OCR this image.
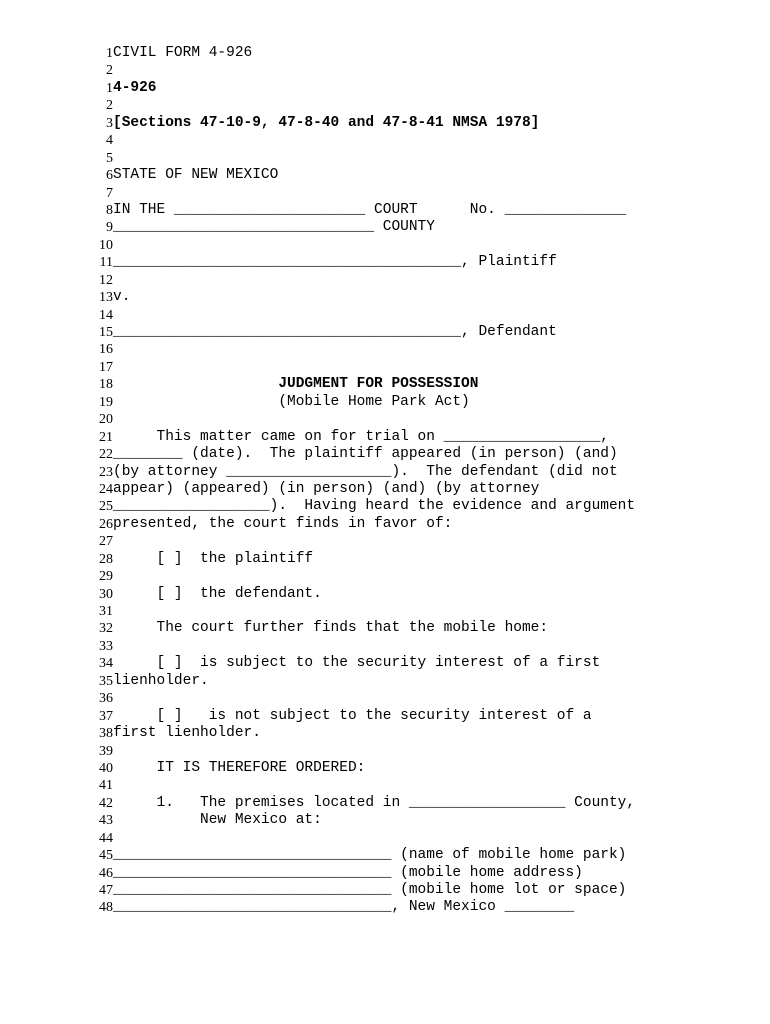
1 CIVIL FORM 4-926
2
1 4-926
2
3 [Sections 47-10-9, 47-8-40 and 47-8-41 NMSA 1978]
4
5
6 STATE OF NEW MEXICO
7
8 IN THE ______________________ COURT      No. ______________
9 ______________________________ COUNTY
10
11 ________________________________________, Plaintiff
12
13 v.
14
15 ________________________________________, Defendant
16
17
18 JUDGMENT FOR POSSESSION
19 (Mobile Home Park Act)
20
21 This matter came on for trial on __________________,
22 ________ (date).  The plaintiff appeared (in person) (and)
23 (by attorney ___________________).  The defendant (did not
24 appear) (appeared) (in person) (and) (by attorney
25 __________________).  Having heard the evidence and argument
26 presented, the court finds in favor of:
27
28 [ ]  the plaintiff
29
30 [ ]  the defendant.
31
32 The court further finds that the mobile home:
33
34 [ ]  is subject to the security interest of a first
35 lienholder.
36
37 [ ]   is not subject to the security interest of a
38 first lienholder.
39
40 IT IS THEREFORE ORDERED:
41
42 1.   The premises located in __________________ County,
43 New Mexico at:
44
45 ________________________________ (name of mobile home park)
46 ________________________________ (mobile home address)
47 ________________________________ (mobile home lot or space)
48 ________________________________, New Mexico ________
